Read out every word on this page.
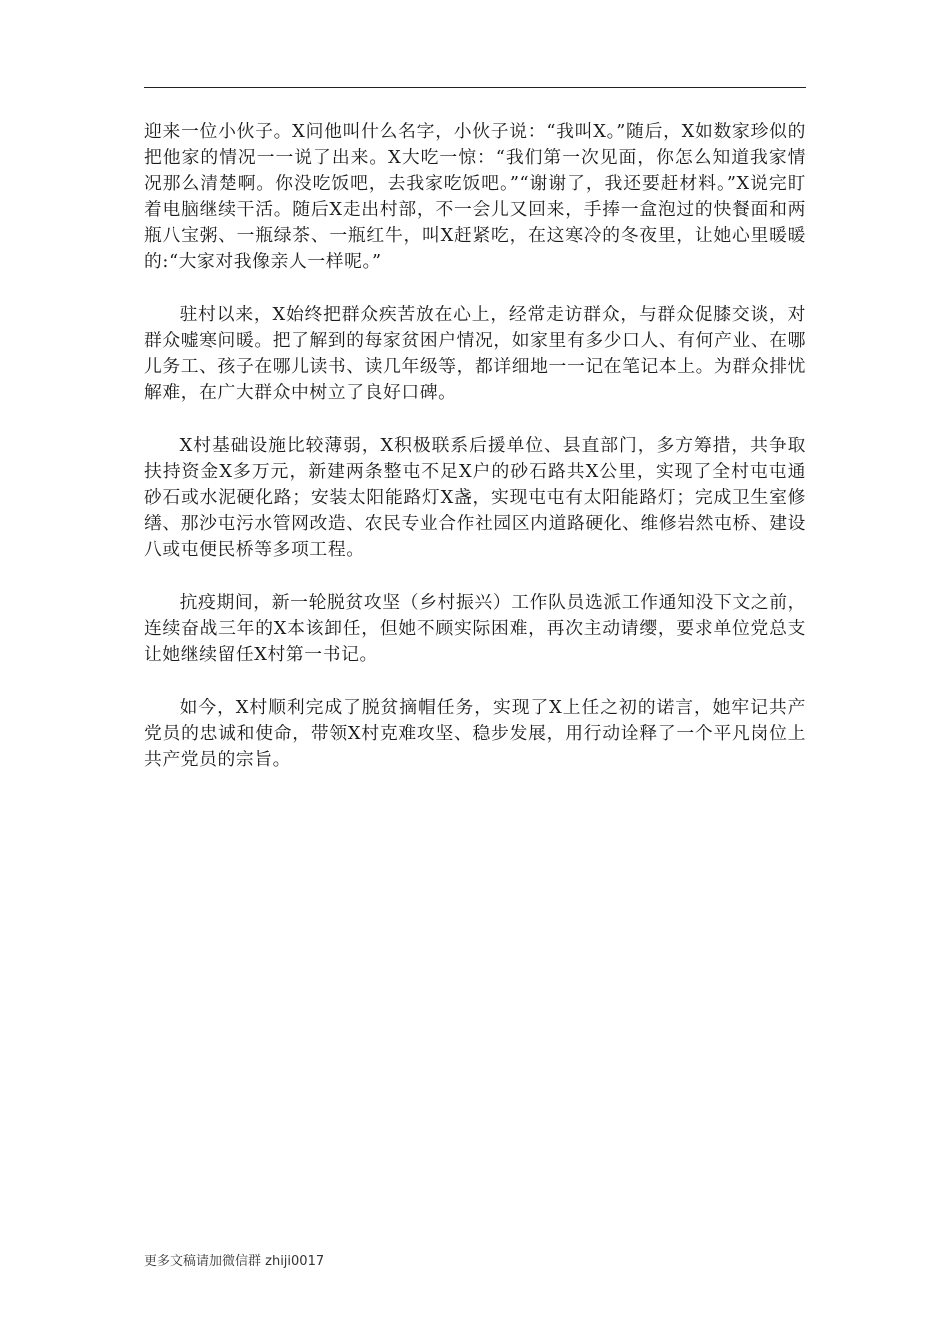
迎来一位小伙子。X问他叫什么名字，小伙子说：“我叫X。”随后，X如数家珍似的把他家的情况一一说了出来。X大吃一惊：“我们第一次见面，你怎么知道我家情况那么清楚啊。你没吃饭吧，去我家吃饭吧。”“谢谢了，我还要赶材料。”X说完盯着电脑继续干活。随后X走出村部，不一会儿又回来，手捧一盒泡过的快餐面和两瓶八宝粥、一瓶绿茶、一瓶红牛，叫X赶紧吃，在这寒冷的冬夜里，让她心里暖暖的:“大家对我像亲人一样呢。”

驻村以来，X始终把群众疾苦放在心上，经常走访群众，与群众促膝交谈，对群众嘘寒问暖。把了解到的每家贫困户情况，如家里有多少口人、有何产业、在哪儿务工、孩子在哪儿读书、读几年级等，都详细地一一记在笔记本上。为群众排忧解难，在广大群众中树立了良好口碑。

X村基础设施比较薄弱，X积极联系后援单位、县直部门，多方筹措，共争取扶持资金X多万元，新建两条整屯不足X户的砂石路共X公里，实现了全村屯屯通砂石或水泥硬化路；安装太阳能路灯X盏，实现屯屯有太阳能路灯；完成卫生室修缮、那沙屯污水管网改造、农民专业合作社园区内道路硬化、维修岩然屯桥、建设八或屯便民桥等多项工程。

抗疫期间，新一轮脱贫攻坚（乡村振兴）工作队员选派工作通知没下文之前，连续奋战三年的X本该卸任，但她不顾实际困难，再次主动请缨，要求单位党总支让她继续留任X村第一书记。

如今，X村顺利完成了脱贫摘帽任务，实现了X上任之初的诺言，她牢记共产党员的忠诚和使命，带领X村克难攻坚、稳步发展，用行动诠释了一个平凡岗位上共产党员的宗旨。

更多文稿请加微信群 zhiji0017
